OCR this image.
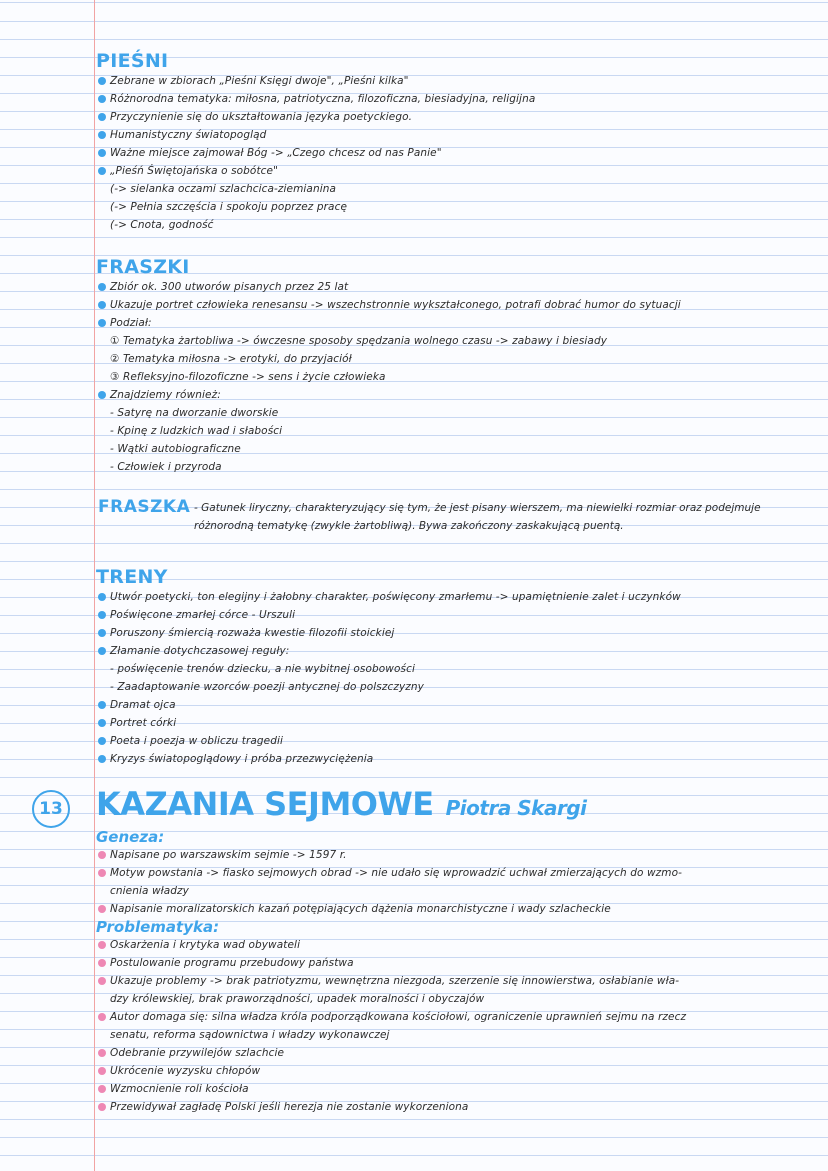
PIEŚNI
Zebrane w zbiorach „Pieśni Księgi dwoje", „Pieśni kilka"
Różnorodna tematyka: miłosna, patriotyczna, filozoficzna, biesiadyjna, religijna
Przyczynienie się do ukształtowania języka poetyckiego.
Humanistyczny światopogląd
Ważne miejsce zajmował Bóg -> „Czego chcesz od nas Panie"
„Pieśń Świętojańska o sobótce"
(-> sielanka oczami szlachcica-ziemianina
(-> Pełnia szczęścia i spokoju poprzez pracę
(-> Cnota, godność
FRASZKI
Zbiór ok. 300 utworów pisanych przez 25 lat
Ukazuje portret człowieka renesansu -> wszechstronnie wykształconego, potrafi dobrać humor do sytuacji
Podział:
① Tematyka żartobliwa -> ówczesne sposoby spędzania wolnego czasu -> zabawy i biesiady
② Tematyka miłosna -> erotyki, do przyjaciół
③ Refleksyjno-filozoficzne -> sens i życie człowieka
Znajdziemy również:
- Satyrę na dworzanie dworskie
- Kpinę z ludzkich wad i słabości
- Wątki autobiograficzne
- Człowiek i przyroda
FRASZKA - Gatunek liryczny, charakteryzujący się tym, że jest pisany wierszem, ma niewielki rozmiar oraz podejmuje różnorodną tematykę (zwykle żartobliwą). Bywa zakończony zaskakującą puentą.
TRENY
Utwór poetycki, ton elegijny i żałobny charakter, poświęcony zmarłemu -> upamiętnienie zalet i uczynków
Poświęcone zmarłej córce - Urszuli
Poruszony śmiercią rozważa kwestie filozofii stoickiej
Złamanie dotychczasowej reguły:
- poświęcenie trenów dziecku, a nie wybitnej osobowości
- Zaadaptowanie wzorców poezji antycznej do polszczyzny
Dramat ojca
Portret córki
Poeta i poezja w obliczu tragedii
Kryzys światopoglądowy i próba przezwyciężenia
13 KAZANIA SEJMOWE Piotra Skargi
Geneza:
Napisane po warszawskim sejmie -> 1597 r.
Motyw powstania -> fiasko sejmowych obrad -> nie udało się wprowadzić uchwał zmierzających do wzmo-
cnienia władzy
Napisanie moralizatorskich kazań potępiających dążenia monarchistyczne i wady szlacheckie
Problematyka:
Oskarżenia i krytyka wad obywateli
Postulowanie programu przebudowy państwa
Ukazuje problemy -> brak patriotyzmu, wewnętrzna niezgoda, szerzenie się innowierstwa, osłabianie wła-
dzy królewskiej, brak praworządności, upadek moralności i obyczajów
Autor domaga się: silna władza króla podporządkowana kościołowi, ograniczenie uprawnień sejmu na rzecz
senatu, reforma sądownictwa i władzy wykonawczej
Odebranie przywilejów szlachcie
Ukrócenie wyzysku chłopów
Wzmocnienie roli kościoła
Przewidywał zagładę Polski jeśli herezja nie zostanie wykorzeniona
